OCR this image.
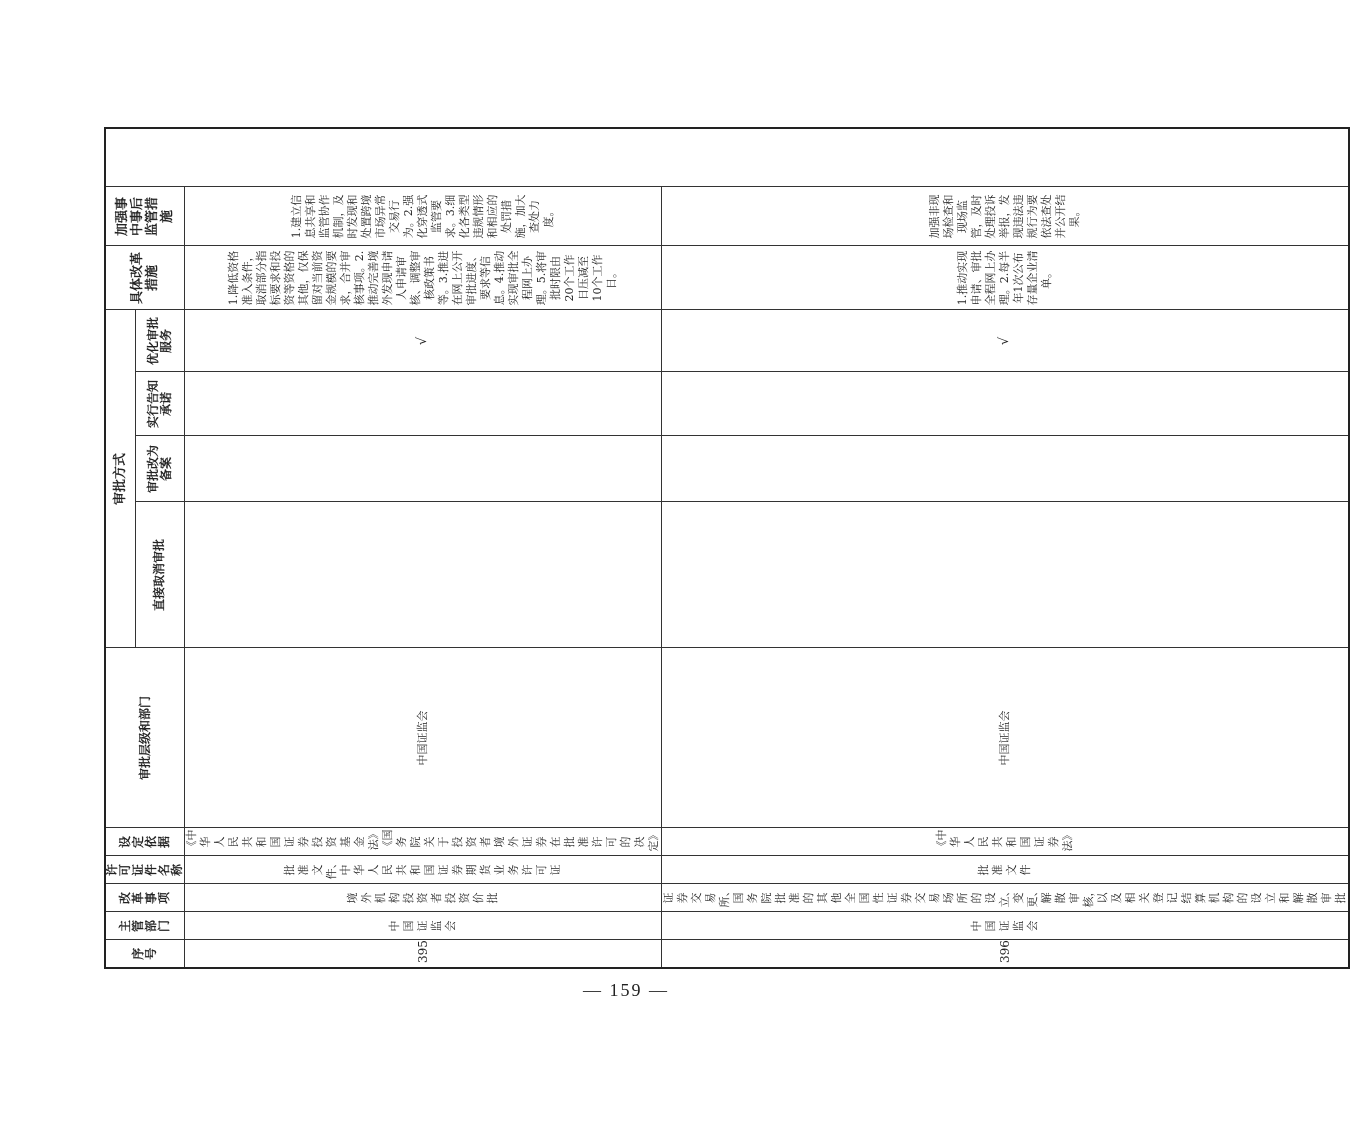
序号	主管部门	改革事项	许可证件名称	设定依据	审批层级和部门	审批方式				具体改革措施	加强事中事后监管措施
						直接取消审批	审批改为备案	实行告知承诺	优化审批服务		
395	中国证监会	境外机构投资者投资价批	批准文件、中华人民共和国证券期货业务许可证	《中华人民共和国证券投资基金法》《国务院关于投资者境外证券在批准许可的决定》	中国证监会				√	1.降低资格准入条件，取消部分指标要求和投资等资格的其他，仅保留对当前资金规模的要求，合并审核事项。2.推动完善境外发现申请人申请审核、调整审核政策书等。3.推进在网上公开审批进度、要求等信息。4.推动实现审批全程网上办理。5.将审批时限由20个工作日压减至10个工作日。	1.建立信息共享和监管协作机制，及时发现和处置跨境市场异常交易行为。2.强化穿透式监管要求。3.细化各类型违规情形和相应的处罚措施，加大查处力度。
396	中国证监会	证券交易所、国务院批准的其他全国性证券交易场所的设立、变更、解散审核，以及相关登记结算机构的设立和解散审批	批准文件	《中华人民共和国证券法》	中国证监会				√	1.推动实现申请、审批全程网上办理。2.每半年1次公布存量企业清单。	加强非现场检查和现场监管，及时处理投诉举报，发现违法违规行为要依法查处并公开结果。
— 159 —
